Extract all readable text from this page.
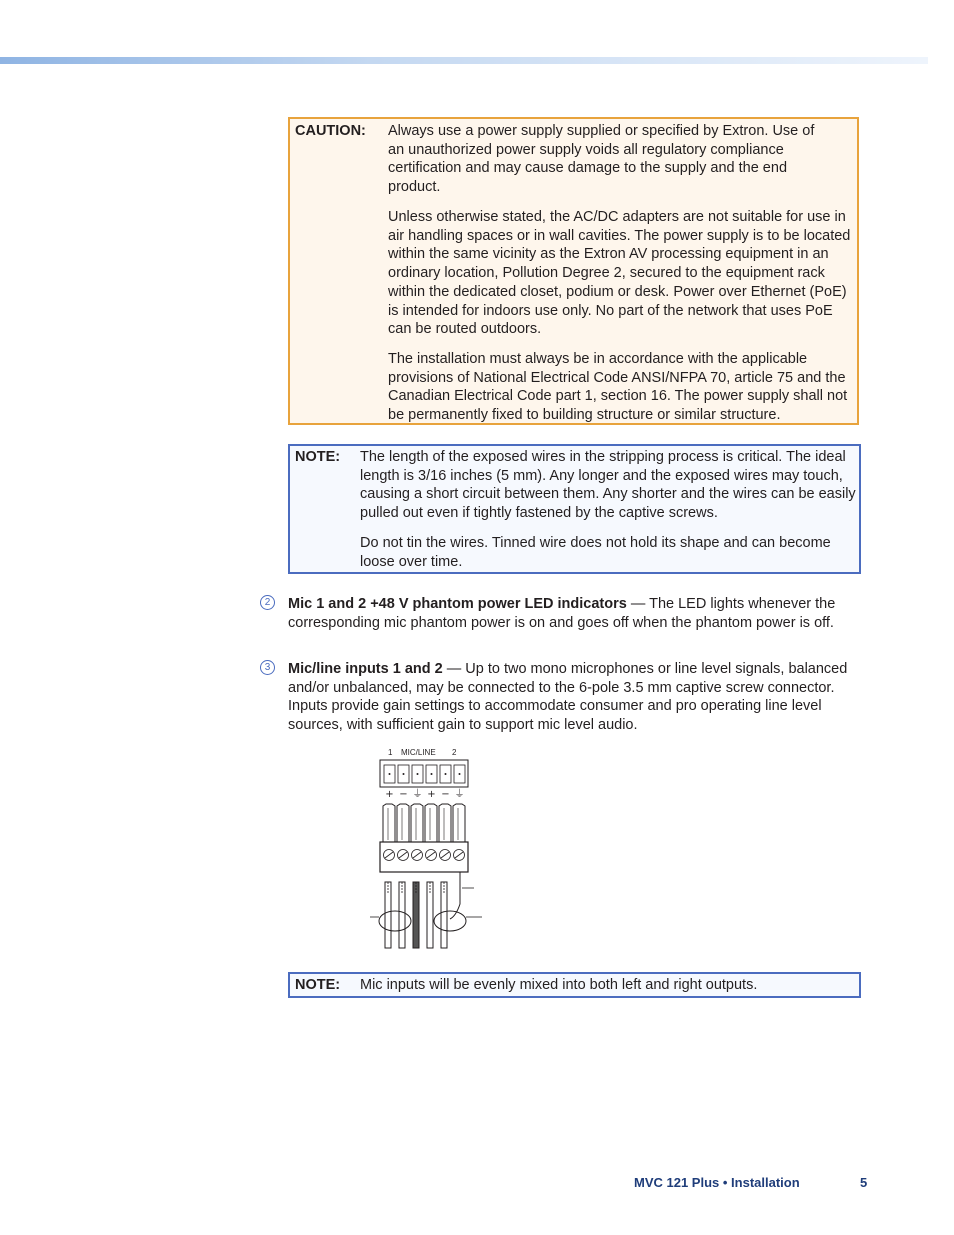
CAUTION: Always use a power supply supplied or specified by Extron. Use of an unauthorized power supply voids all regulatory compliance certification and may cause damage to the supply and the end product.

Unless otherwise stated, the AC/DC adapters are not suitable for use in air handling spaces or in wall cavities. The power supply is to be located within the same vicinity as the Extron AV processing equipment in an ordinary location, Pollution Degree 2, secured to the equipment rack within the dedicated closet, podium or desk. Power over Ethernet (PoE) is intended for indoors use only. No part of the network that uses PoE can be routed outdoors.

The installation must always be in accordance with the applicable provisions of National Electrical Code ANSI/NFPA 70, article 75 and the Canadian Electrical Code part 1, section 16. The power supply shall not be permanently fixed to building structure or similar structure.

NOTE: The length of the exposed wires in the stripping process is critical. The ideal length is 3/16 inches (5 mm). Any longer and the exposed wires may touch, causing a short circuit between them. Any shorter and the wires can be easily pulled out even if tightly fastened by the captive screws.

Do not tin the wires. Tinned wire does not hold its shape and can become loose over time.

2	Mic 1 and 2 +48 V phantom power LED indicators — The LED lights whenever the corresponding mic phantom power is on and goes off when the phantom power is off.

3	Mic/line inputs 1 and 2 — Up to two mono microphones or line level signals, balanced and/or unbalanced, may be connected to the 6-pole 3.5 mm captive screw connector. Inputs provide gain settings to accommodate consumer and pro operating line level sources, with sufficient gain to support mic level audio.

1 MIC/LINE 2
+ − ⏚ + − ⏚
NOTE: Mic inputs will be evenly mixed into both left and right outputs.

MVC 121 Plus • Installation	5
